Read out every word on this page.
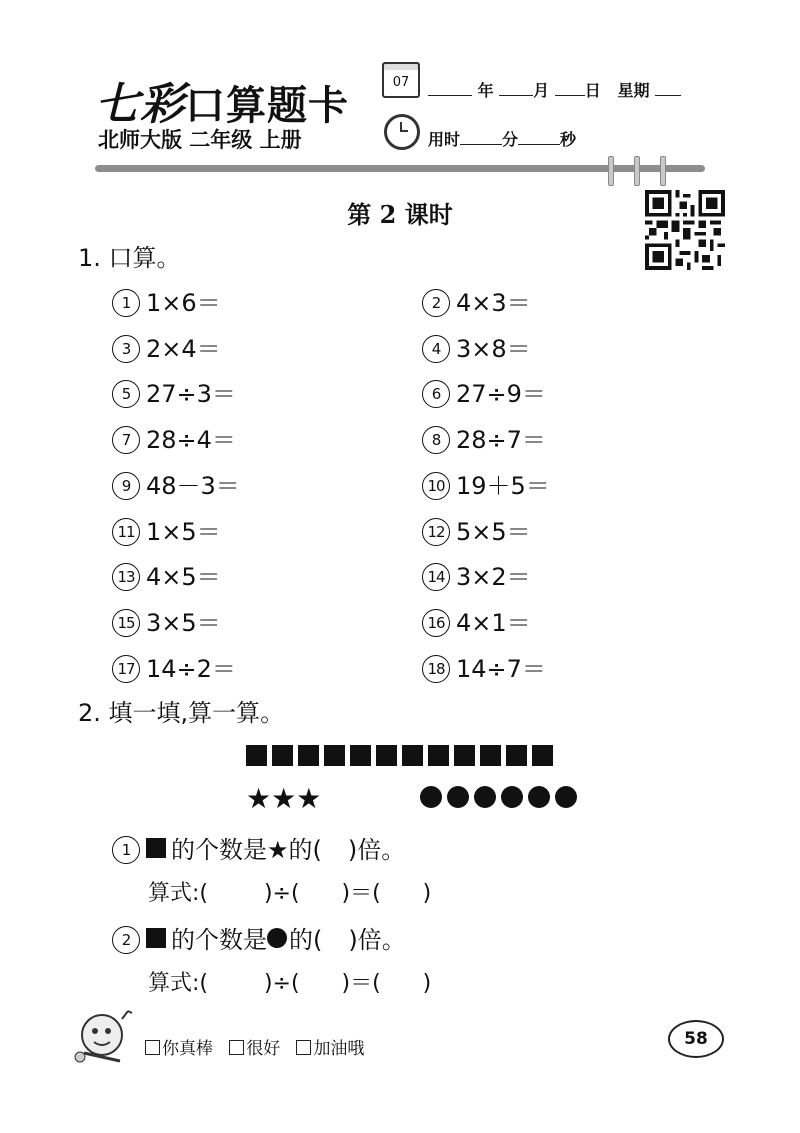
七彩口算题卡
北师大版 二年级 上册
07	年 月 日 星期
用时	分	秒
第 2 课时
1. 口算。
1 1×6＝	2 4×3＝
3 2×4＝	4 3×8＝
5 27÷3＝	6 27÷9＝
7 28÷4＝	8 28÷7＝
9 48－3＝	10 19＋5＝
11 1×5＝	12 5×5＝
13 4×5＝	14 3×2＝
15 3×5＝	16 4×1＝
17 14÷2＝	18 14÷7＝
2. 填一填,算一算。
★★★
1 的个数是★的( )倍。
算式:(        )÷(      )＝(      )
2 的个数是 的( )倍。
算式:(        )÷(      )＝(      )
你真棒 很好 加油哦	58
